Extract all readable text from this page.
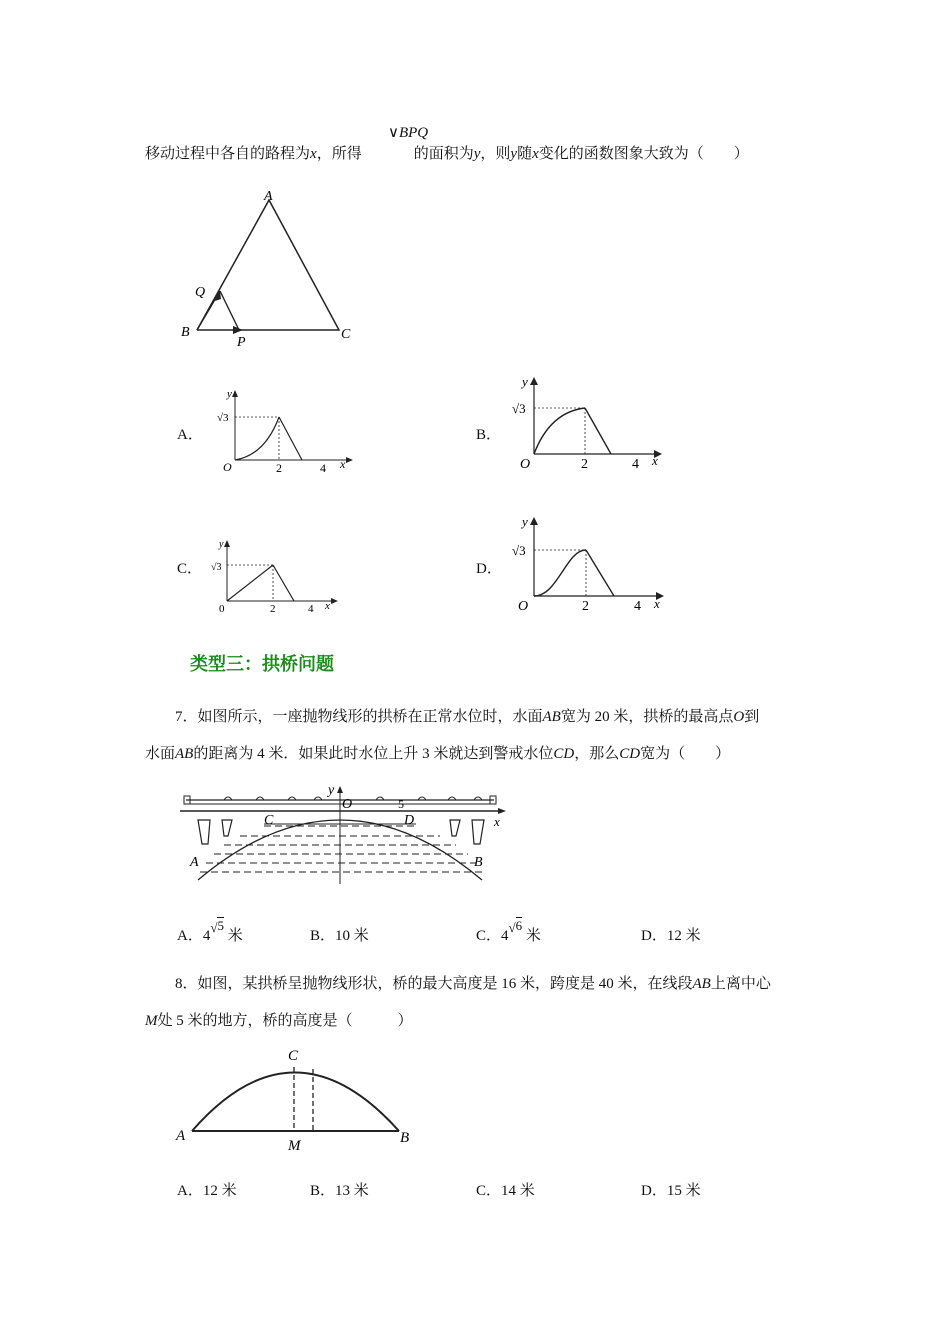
∨BPQ
移动过程中各自的路程为x，所得	的面积为y，则y随x变化的函数图象大致为（　　）
A
B	C
P
Q
A．
y
√3
O	2	4 x
B．
y
√3
O	2	4 x
C．
y
√3
0	2	4 x
D．
y
√3
O	2	4 x
类型三：拱桥问题
7．如图所示，一座抛物线形的拱桥在正常水位时，水面AB宽为 20 米，拱桥的最高点O到
水面AB的距离为 4 米．如果此时水位上升 3 米就达到警戒水位CD，那么CD宽为（　　）
y
O	5
x
C	D
A	B
A．4√5 米	B．10 米	C．4√6 米	D．12 米
8．如图，某拱桥呈抛物线形状，桥的最大高度是 16 米，跨度是 40 米，在线段AB上离中心
M处 5 米的地方，桥的高度是（　　　）
C
A	B
M
A．12 米	B．13 米	C．14 米	D．15 米
